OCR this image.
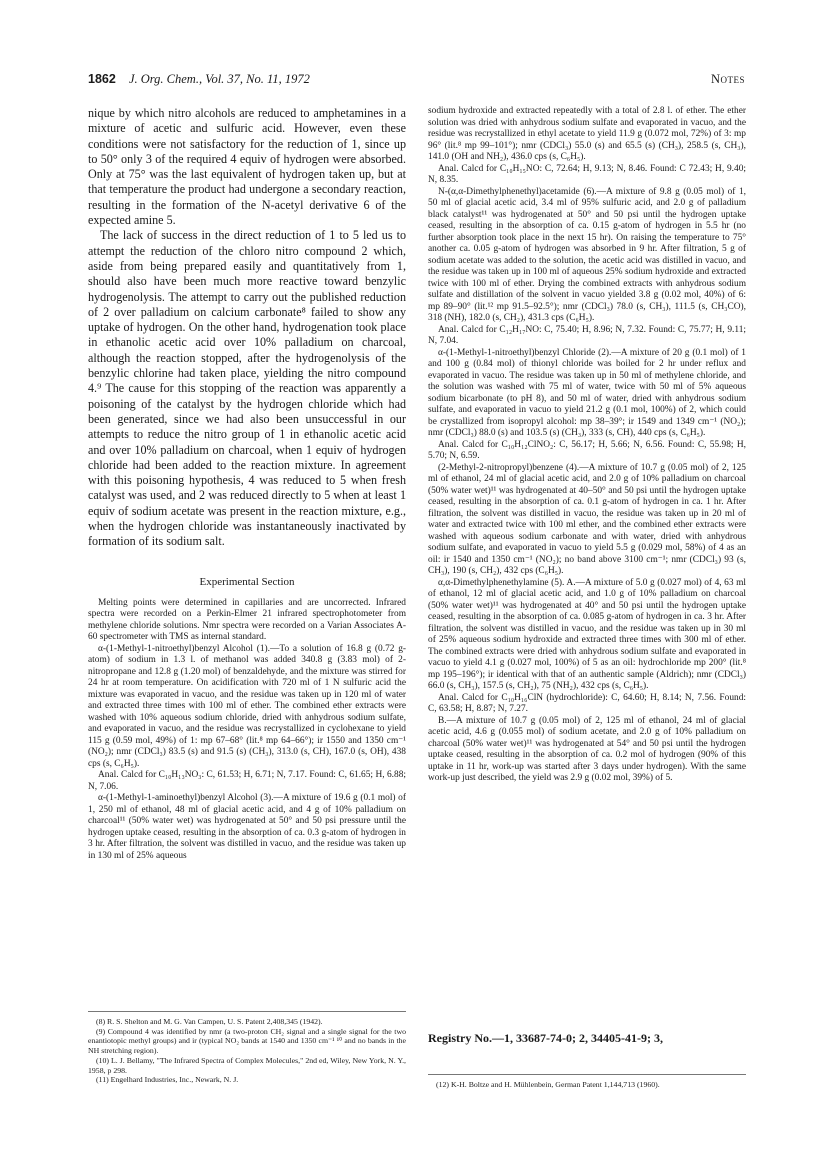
1862 J. Org. Chem., Vol. 37, No. 11, 1972	Notes

nique by which nitro alcohols are reduced to amphetamines in a mixture of acetic and sulfuric acid. However, even these conditions were not satisfactory for the reduction of 1, since up to 50° only 3 of the required 4 equiv of hydrogen were absorbed. Only at 75° was the last equivalent of hydrogen taken up, but at that temperature the product had undergone a secondary reaction, resulting in the formation of the N-acetyl derivative 6 of the expected amine 5.

The lack of success in the direct reduction of 1 to 5 led us to attempt the reduction of the chloro nitro compound 2 which, aside from being prepared easily and quantitatively from 1, should also have been much more reactive toward benzylic hydrogenolysis. The attempt to carry out the published reduction of 2 over palladium on calcium carbonate⁸ failed to show any uptake of hydrogen. On the other hand, hydrogenation took place in ethanolic acetic acid over 10% palladium on charcoal, although the reaction stopped, after the hydrogenolysis of the benzylic chlorine had taken place, yielding the nitro compound 4.⁹ The cause for this stopping of the reaction was apparently a poisoning of the catalyst by the hydrogen chloride which had been generated, since we had also been unsuccessful in our attempts to reduce the nitro group of 1 in ethanolic acetic acid and over 10% palladium on charcoal, when 1 equiv of hydrogen chloride had been added to the reaction mixture. In agreement with this poisoning hypothesis, 4 was reduced to 5 when fresh catalyst was used, and 2 was reduced directly to 5 when at least 1 equiv of sodium acetate was present in the reaction mixture, e.g., when the hydrogen chloride was instantaneously inactivated by formation of its sodium salt.

Experimental Section

Melting points were determined in capillaries and are uncorrected. Infrared spectra were recorded on a Perkin-Elmer 21 infrared spectrophotometer from methylene chloride solutions. Nmr spectra were recorded on a Varian Associates A-60 spectrometer with TMS as internal standard.

α-(1-Methyl-1-nitroethyl)benzyl Alcohol (1).—To a solution of 16.8 g (0.72 g-atom) of sodium in 1.3 l. of methanol was added 340.8 g (3.83 mol) of 2-nitropropane and 12.8 g (1.20 mol) of benzaldehyde, and the mixture was stirred for 24 hr at room temperature. On acidification with 720 ml of 1 N sulfuric acid the mixture was evaporated in vacuo, and the residue was taken up in 120 ml of water and extracted three times with 100 ml of ether. The combined ether extracts were washed with 10% aqueous sodium chloride, dried with anhydrous sodium sulfate, and evaporated in vacuo, and the residue was recrystallized in cyclohexane to yield 115 g (0.59 mol, 49%) of 1: mp 67–68° (lit.⁸ mp 64–66°); ir 1550 and 1350 cm⁻¹ (NO₂); nmr (CDCl₃) 83.5 (s) and 91.5 (s) (CH₃), 313.0 (s, CH), 167.0 (s, OH), 438 cps (s, C₆H₅).

Anal. Calcd for C₁₀H₁₃NO₃: C, 61.53; H, 6.71; N, 7.17. Found: C, 61.65; H, 6.88; N, 7.06.

α-(1-Methyl-1-aminoethyl)benzyl Alcohol (3).—A mixture of 19.6 g (0.1 mol) of 1, 250 ml of ethanol, 48 ml of glacial acetic acid, and 4 g of 10% palladium on charcoal¹¹ (50% water wet) was hydrogenated at 50° and 50 psi pressure until the hydrogen uptake ceased, resulting in the absorption of ca. 0.3 g-atom of hydrogen in 3 hr. After filtration, the solvent was distilled in vacuo, and the residue was taken up in 130 ml of 25% aqueous

(8) R. S. Shelton and M. G. Van Campen, U. S. Patent 2,408,345 (1942).

(9) Compound 4 was identified by nmr (a two-proton CH₂ signal and a single signal for the two enantiotopic methyl groups) and ir (typical NO₂ bands at 1540 and 1350 cm⁻¹ ¹⁰ and no bands in the NH stretching region).

(10) L. J. Bellamy, "The Infrared Spectra of Complex Molecules," 2nd ed, Wiley, New York, N. Y., 1958, p 298.

(11) Engelhard Industries, Inc., Newark, N. J.

sodium hydroxide and extracted repeatedly with a total of 2.8 l. of ether. The ether solution was dried with anhydrous sodium sulfate and evaporated in vacuo, and the residue was recrystallized in ethyl acetate to yield 11.9 g (0.072 mol, 72%) of 3: mp 96° (lit.⁸ mp 99–101°); nmr (CDCl₃) 55.0 (s) and 65.5 (s) (CH₃), 258.5 (s, CH₃), 141.0 (OH and NH₂), 436.0 cps (s, C₆H₅).

Anal. Calcd for C₁₀H₁₅NO: C, 72.64; H, 9.13; N, 8.46. Found: C 72.43; H, 9.40; N, 8.35.

N-(α,α-Dimethylphenethyl)acetamide (6).—A mixture of 9.8 g (0.05 mol) of 1, 50 ml of glacial acetic acid, 3.4 ml of 95% sulfuric acid, and 2.0 g of palladium black catalyst¹¹ was hydrogenated at 50° and 50 psi until the hydrogen uptake ceased, resulting in the absorption of ca. 0.15 g-atom of hydrogen in 5.5 hr (no further absorption took place in the next 15 hr). On raising the temperature to 75° another ca. 0.05 g-atom of hydrogen was absorbed in 9 hr. After filtration, 5 g of sodium acetate was added to the solution, the acetic acid was distilled in vacuo, and the residue was taken up in 100 ml of aqueous 25% sodium hydroxide and extracted twice with 100 ml of ether. Drying the combined extracts with anhydrous sodium sulfate and distillation of the solvent in vacuo yielded 3.8 g (0.02 mol, 40%) of 6: mp 89–90° (lit.¹² mp 91.5–92.5°); nmr (CDCl₃) 78.0 (s, CH₃), 111.5 (s, CH₃CO), 318 (NH), 182.0 (s, CH₂), 431.3 cps (C₆H₅).

Anal. Calcd for C₁₂H₁₇NO: C, 75.40; H, 8.96; N, 7.32. Found: C, 75.77; H, 9.11; N, 7.04.

α-(1-Methyl-1-nitroethyl)benzyl Chloride (2).—A mixture of 20 g (0.1 mol) of 1 and 100 g (0.84 mol) of thionyl chloride was boiled for 2 hr under reflux and evaporated in vacuo. The residue was taken up in 50 ml of methylene chloride, and the solution was washed with 75 ml of water, twice with 50 ml of 5% aqueous sodium bicarbonate (to pH 8), and 50 ml of water, dried with anhydrous sodium sulfate, and evaporated in vacuo to yield 21.2 g (0.1 mol, 100%) of 2, which could be crystallized from isopropyl alcohol: mp 38–39°; ir 1549 and 1349 cm⁻¹ (NO₂); nmr (CDCl₃) 88.0 (s) and 103.5 (s) (CH₃), 333 (s, CH), 440 cps (s, C₆H₅).

Anal. Calcd for C₁₀H₁₂ClNO₂: C, 56.17; H, 5.66; N, 6.56. Found: C, 55.98; H, 5.70; N, 6.59.

(2-Methyl-2-nitropropyl)benzene (4).—A mixture of 10.7 g (0.05 mol) of 2, 125 ml of ethanol, 24 ml of glacial acetic acid, and 2.0 g of 10% palladium on charcoal (50% water wet)¹¹ was hydrogenated at 40–50° and 50 psi until the hydrogen uptake ceased, resulting in the absorption of ca. 0.1 g-atom of hydrogen in ca. 1 hr. After filtration, the solvent was distilled in vacuo, the residue was taken up in 20 ml of water and extracted twice with 100 ml ether, and the combined ether extracts were washed with aqueous sodium carbonate and with water, dried with anhydrous sodium sulfate, and evaporated in vacuo to yield 5.5 g (0.029 mol, 58%) of 4 as an oil: ir 1540 and 1350 cm⁻¹ (NO₂); no band above 3100 cm⁻¹; nmr (CDCl₃) 93 (s, CH₃), 190 (s, CH₂), 432 cps (C₆H₅).

α,α-Dimethylphenethylamine (5). A.—A mixture of 5.0 g (0.027 mol) of 4, 63 ml of ethanol, 12 ml of glacial acetic acid, and 1.0 g of 10% palladium on charcoal (50% water wet)¹¹ was hydrogenated at 40° and 50 psi until the hydrogen uptake ceased, resulting in the absorption of ca. 0.085 g-atom of hydrogen in ca. 3 hr. After filtration, the solvent was distilled in vacuo, and the residue was taken up in 30 ml of 25% aqueous sodium hydroxide and extracted three times with 300 ml of ether. The combined extracts were dried with anhydrous sodium sulfate and evaporated in vacuo to yield 4.1 g (0.027 mol, 100%) of 5 as an oil: hydrochloride mp 200° (lit.⁸ mp 195–196°); ir identical with that of an authentic sample (Aldrich); nmr (CDCl₃) 66.0 (s, CH₃), 157.5 (s, CH₂), 75 (NH₂), 432 cps (s, C₆H₅).

Anal. Calcd for C₁₀H₁₆ClN (hydrochloride): C, 64.60; H, 8.14; N, 7.56. Found: C, 63.58; H, 8.87; N, 7.27.

B.—A mixture of 10.7 g (0.05 mol) of 2, 125 ml of ethanol, 24 ml of glacial acetic acid, 4.6 g (0.055 mol) of sodium acetate, and 2.0 g of 10% palladium on charcoal (50% water wet)¹¹ was hydrogenated at 54° and 50 psi until the hydrogen uptake ceased, resulting in the absorption of ca. 0.2 mol of hydrogen (90% of this uptake in 11 hr, work-up was started after 3 days under hydrogen). With the same work-up just described, the yield was 2.9 g (0.02 mol, 39%) of 5.

Registry No.—1, 33687-74-0; 2, 34405-41-9; 3,

(12) K-H. Boltze and H. Mühlenbein, German Patent 1,144,713 (1960).
